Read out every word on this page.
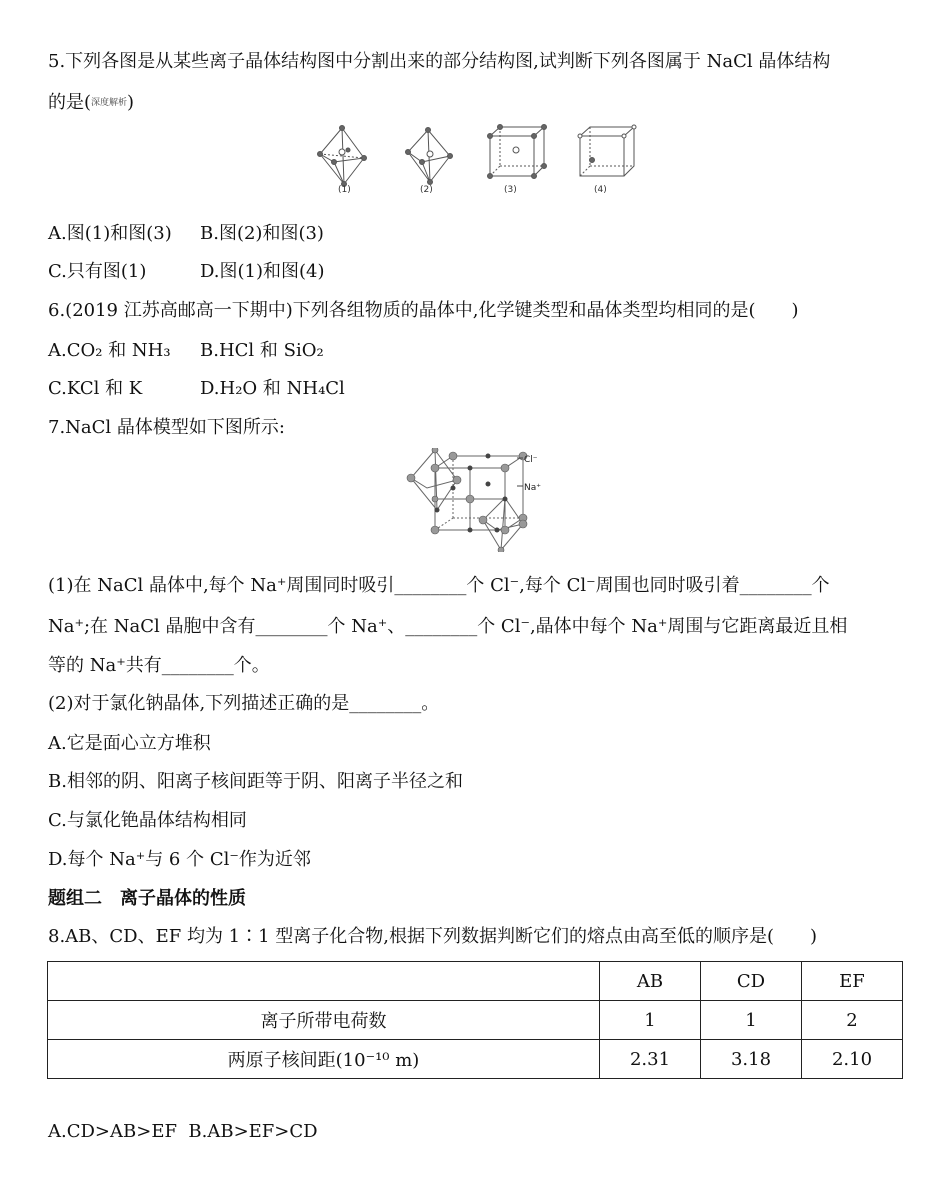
5.下列各图是从某些离子晶体结构图中分割出来的部分结构图,试判断下列各图属于 NaCl 晶体结构
的是(深度解析)
(1)	(2)	(3)	(4)
A.图(1)和图(3) B.图(2)和图(3)
C.只有图(1)	D.图(1)和图(4)
6.(2019 江苏高邮高一下期中)下列各组物质的晶体中,化学键类型和晶体类型均相同的是(　　)
A.CO₂ 和 NH₃ B.HCl 和 SiO₂
C.KCl 和 K	D.H₂O 和 NH₄Cl
7.NaCl 晶体模型如下图所示:
Cl⁻
Na⁺
(1)在 NaCl 晶体中,每个 Na⁺周围同时吸引________个 Cl⁻,每个 Cl⁻周围也同时吸引着________个
Na⁺;在 NaCl 晶胞中含有________个 Na⁺、________个 Cl⁻,晶体中每个 Na⁺周围与它距离最近且相
等的 Na⁺共有________个。
(2)对于氯化钠晶体,下列描述正确的是________。
A.它是面心立方堆积
B.相邻的阴、阳离子核间距等于阴、阳离子半径之和
C.与氯化铯晶体结构相同
D.每个 Na⁺与 6 个 Cl⁻作为近邻
题组二　离子晶体的性质
8.AB、CD、EF 均为 1∶1 型离子化合物,根据下列数据判断它们的熔点由高至低的顺序是(　　)
	AB	CD	EF
离子所带电荷数	1	1	2
两原子核间距(10⁻¹⁰ m)	2.31	3.18	2.10
A.CD>AB>EF B.AB>EF>CD
